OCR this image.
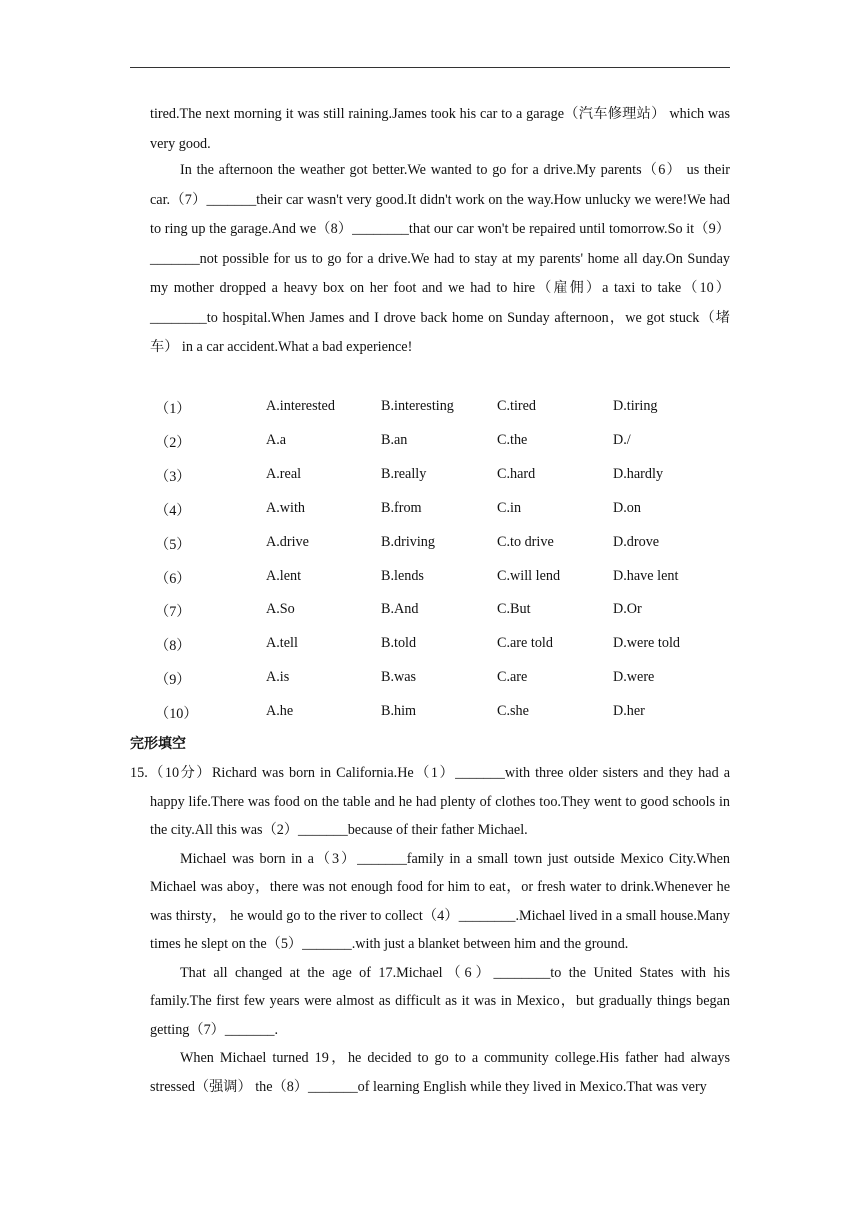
tired.The next morning it was still raining.James took his car to a garage（汽车修理站） which was very good.

In the afternoon the weather got better.We wanted to go for a drive.My parents（6） us their car.（7）_______their car wasn't very good.It didn't work on the way.How unlucky we were!We had to ring up the garage.And we（8）________that our car won't be repaired until tomorrow.So it（9）_______not possible for us to go for a drive.We had to stay at my parents' home all day.On Sunday my mother dropped a heavy box on her foot and we had to hire（雇佣）a taxi to take（10）________to hospital.When James and I drove back home on Sunday afternoon，we got stuck（堵车） in a car accident.What a bad experience!

（1）	A.interested	B.interesting	C.tired	D.tiring
（2）	A.a	B.an	C.the	D./
（3）	A.real	B.really	C.hard	D.hardly
（4）	A.with	B.from	C.in	D.on
（5）	A.drive	B.driving	C.to drive	D.drove
（6）	A.lent	B.lends	C.will lend	D.have lent
（7）	A.So	B.And	C.But	D.Or
（8）	A.tell	B.told	C.are told	D.were told
（9）	A.is	B.was	C.are	D.were
（10）	A.he	B.him	C.she	D.her
完形填空

15.（10分）Richard was born in California.He（1）_______with three older sisters and they had a happy life.There was food on the table and he had plenty of clothes too.They went to good schools in the city.All this was（2）_______because of their father Michael.

Michael was born in a（3）_______family in a small town just outside Mexico City.When Michael was aboy，there was not enough food for him to eat，or fresh water to drink.Whenever he was thirsty， he would go to the river to collect（4）________.Michael lived in a small house.Many times he slept on the（5）_______.with just a blanket between him and the ground.

That all changed at the age of 17.Michael（6）________to the United States with his family.The first few years were almost as difficult as it was in Mexico，but gradually things began getting（7）_______.

When Michael turned 19，he decided to go to a community college.His father had always stressed（强调） the（8）_______of learning English while they lived in Mexico.That was very
